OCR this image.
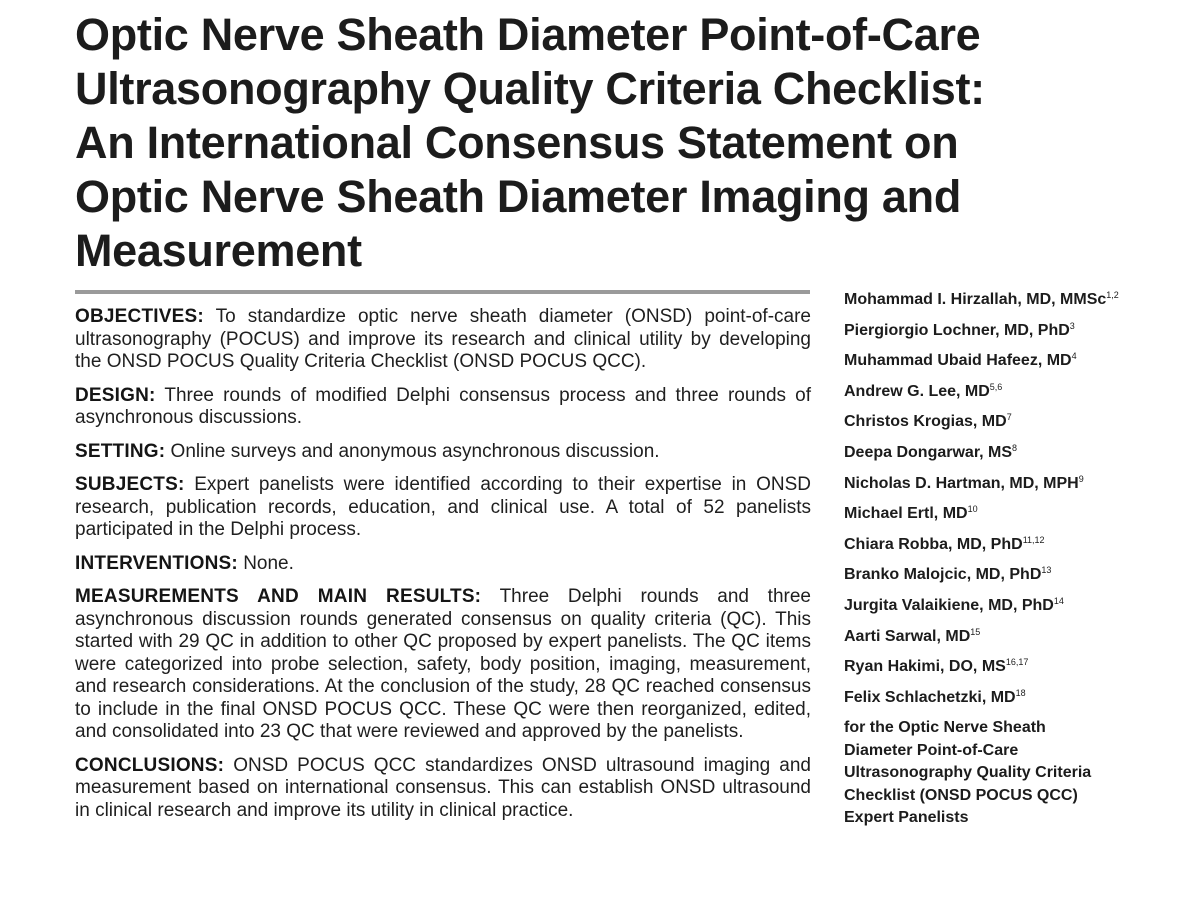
Optic Nerve Sheath Diameter Point-of-Care
Ultrasonography Quality Criteria Checklist:
An International Consensus Statement on
Optic Nerve Sheath Diameter Imaging and
Measurement

OBJECTIVES: To standardize optic nerve sheath diameter (ONSD) point-of-care ultrasonography (POCUS) and improve its research and clinical utility by developing the ONSD POCUS Quality Criteria Checklist (ONSD POCUS QCC).

DESIGN: Three rounds of modified Delphi consensus process and three rounds of asynchronous discussions.

SETTING: Online surveys and anonymous asynchronous discussion.

SUBJECTS: Expert panelists were identified according to their expertise in ONSD research, publication records, education, and clinical use. A total of 52 panelists participated in the Delphi process.

INTERVENTIONS: None.

MEASUREMENTS AND MAIN RESULTS: Three Delphi rounds and three asynchronous discussion rounds generated consensus on quality criteria (QC). This started with 29 QC in addition to other QC proposed by expert panelists. The QC items were categorized into probe selection, safety, body position, imaging, measurement, and research considerations. At the conclusion of the study, 28 QC reached consensus to include in the final ONSD POCUS QCC. These QC were then reorganized, edited, and consolidated into 23 QC that were reviewed and approved by the panelists.

CONCLUSIONS: ONSD POCUS QCC standardizes ONSD ultrasound imaging and measurement based on international consensus. This can establish ONSD ultrasound in clinical research and improve its utility in clinical practice.

Mohammad I. Hirzallah, MD, MMSc$^{1,2}$
Piergiorgio Lochner, MD, PhD$^3$
Muhammad Ubaid Hafeez, $MD^4$
Andrew G. Lee, MD$^{5,6}$
Christos Krogias, $MD^7$
Deepa Dongarwar, $MS^8$
Nicholas D. Hartman, MD, MPH$^9$
Michael Ertl, MD$^{10}$
Chiara Robba, MD, PhD$^{11,12}$
Branko Malojcic, MD, PhD$^{13}$
Jurgita Valaikiene, MD, PhD$^{14}$
Aarti Sarwal, MD$^{15}$
Ryan Hakimi, DO, MS$^{16,17}$
Felix Schlachetzki, MD$^{18}$
for the Optic Nerve Sheath
Diameter Point-of-Care
Ultrasonography Quality Criteria
Checklist (ONSD POCUS QCC)
Expert Panelists
